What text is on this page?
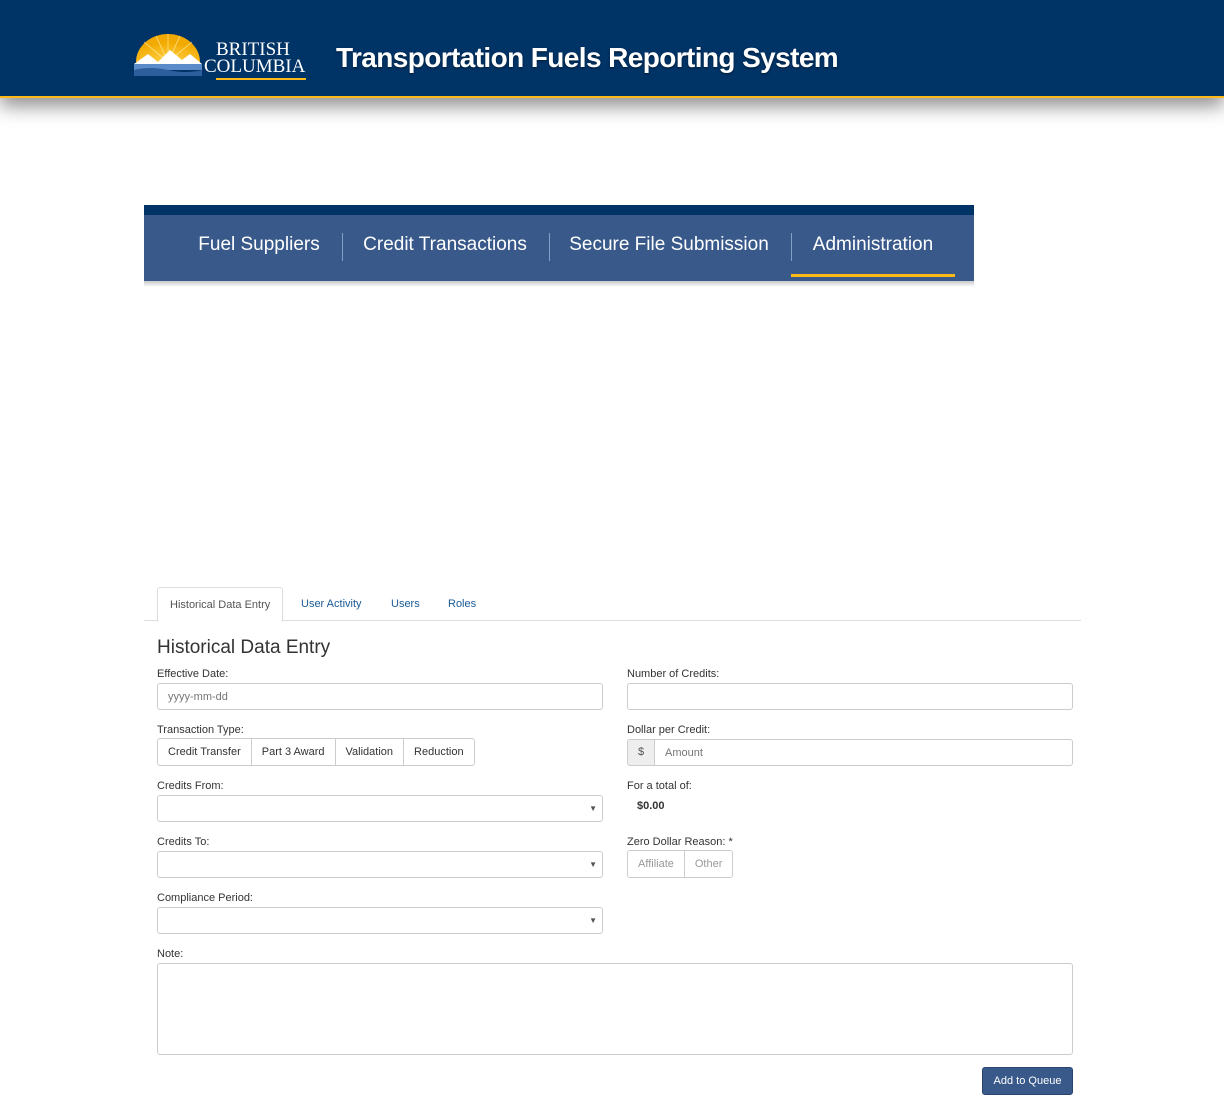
BRITISH
COLUMBIA Transportation Fuels Reporting System
Fuel Suppliers	Credit Transactions	Secure File Submission	Administration
Historical Data Entry	User Activity	Users	Roles
Historical Data Entry
Effective Date:
yyyy-mm-dd
Transaction Type:
Credit Transfer	Part 3 Award	Validation	Reduction
Credits From:
▼
Credits To:
▼
Compliance Period:
▼
Number of Credits:
Dollar per Credit:
$
Amount
For a total of:
$0.00
Zero Dollar Reason: *
Affiliate	Other
Note:
Add to Queue
